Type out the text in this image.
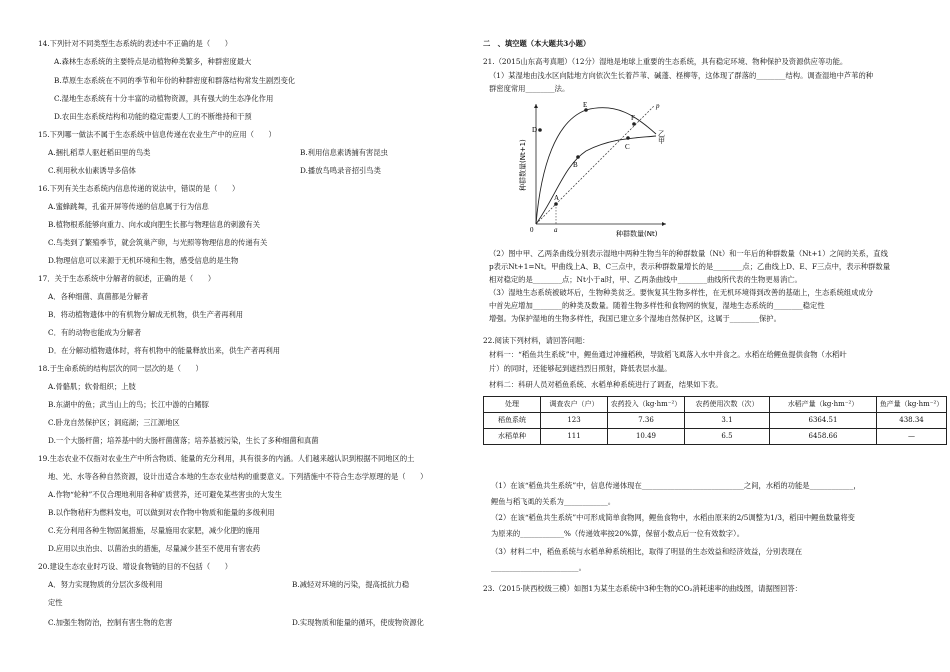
14.下列针对不同类型生态系统的表述中不正确的是（　　）
A.森林生态系统的主要特点是动植物种类繁多，种群密度最大
B.草原生态系统在不同的季节和年份的种群密度和群落结构常发生剧烈变化
C.湿地生态系统有十分丰富的动植物资源，具有强大的生态净化作用
D.农田生态系统结构和功能的稳定需要人工的不断维持和干预
15.下列哪一做法不属于生态系统中信息传递在农业生产中的应用（　　）
A.捆扎稻草人驱赶稻田里的鸟类	B.利用信息素诱捕有害昆虫
C.利用秋水仙素诱导多倍体	D.播放鸟鸣录音招引鸟类
16.下列有关生态系统内信息传递的说法中，错误的是（　　）
A.蜜蜂跳舞，孔雀开屏等传递的信息属于行为信息
B.植物根系能够向重力、向水或向肥生长都与物理信息的刺激有关
C.鸟类到了繁殖季节，就会筑巢产卵，与光照等物理信息的传递有关
D.物理信息可以来源于无机环境和生物，感受信息的是生物
17．关于生态系统中分解者的叙述，正确的是（　　）
A．各种细菌、真菌都是分解者
B．将动植物遗体中的有机物分解成无机物，供生产者再利用
C．有的动物也能成为分解者
D．在分解动植物遗体时，将有机物中的能量释放出来，供生产者再利用
18.于生命系统的结构层次的同一层次的是（　　）
A.骨骼肌；软骨组织；上肢
B.东湖中的鱼；武当山上的鸟；长江中游的白鳍豚
C.卧龙自然保护区；洞庭湖；三江源地区
D.一个大肠杆菌；培养基中的大肠杆菌菌落；培养基被污染，生长了多种细菌和真菌
19.生态农业不仅指对农业生产中所含物质、能量的充分利用，具有很多的内涵。人们越来越认识到根据不同地区的土
地、光、水等各种自然资源，设计出适合本地的生态农业结构的重要意义。下列措施中不符合生态学原理的是（　　）
A.作物“轮种”不仅合理地利用各种矿质营养，还可避免某些害虫的大发生
B.以作物秸秆为燃料发电，可以做到对农作物中物质和能量的多级利用
C.充分利用各种生物固氮措施，尽量施用农家肥，减少化肥的施用
D.应用以虫治虫、以菌治虫的措施，尽量减少甚至不使用有害农药
20.建设生态农业时巧设、增设食物链的目的不包括（　　）
A．努力实现物质的分层次多级利用	B.减轻对环境的污染，提高抵抗力稳
定性
C.加强生物防治，控制有害生物的危害	D.实现物质和能量的循环，使废物资源化
二　、填空题（本大题共3小题）
21.（2015山东高考真题）（12分）湿地是地球上重要的生态系统，具有稳定环境、物种保护及资源供应等功能。
（1）某湿地由浅水区向陆地方向依次生长着芦苇、碱蓬、柽柳等，这体现了群落的________结构。调查湿地中芦苇的种
群密度常用________法。
（2）图中甲、乙两条曲线分别表示湿地中两种生物当年的种群数量（Nt）和一年后的种群数量（Nt+1）之间的关系，直线
p表示Nt+1=Nt。甲曲线上A、B、C三点中，表示种群数量增长的是________点；乙曲线上D、E、F三点中，表示种群数量
相对稳定的是________点；Nt小于a时，甲、乙两条曲线中________曲线所代表的生物更易消亡。
（3）湿地生态系统被破坏后，生物种类贫乏。要恢复其生物多样性，在无机环境得到改善的基础上，生态系统组成成分
中首先应增加________的种类及数量。随着生物多样性和食物网的恢复，湿地生态系统的________稳定性
增强。为保护湿地的生物多样性，我国已建立多个湿地自然保护区，这属于________保护。
22.阅读下列材料，请回答问题：
材料一：“稻鱼共生系统”中，鲤鱼通过冲撞稻秧，导致稻飞虱落入水中并食之。水稻在给鲤鱼提供食物（水稻叶
片）的同时，还能够起到遮挡烈日照射，降低表层水温。
材料二：科研人员对稻鱼系统、水稻单种系统进行了调查，结果如下表。
处理	调查农户（户）	农药投入（kg·hm⁻²）	农药使用次数（次）	水稻产量（kg·hm⁻²）	鱼产量（kg·hm⁻²）
稻鱼系统	123	7.36	3.1	6364.51	438.34
水稻单种	111	10.49	6.5	6458.66	—
（1）在该“稻鱼共生系统”中，信息传递体现在____________________________之间，水稻的功能是____________，
鲤鱼与稻飞虱的关系为____________。
（2）在该“稻鱼共生系统”中可形成简单食物网，鲤鱼食物中，水稻由原来的2/5调整为1/3，稻田中鲤鱼数量将变
为原来的____________%（传递效率按20%算，保留小数点后一位有效数字）。
（3）材料二中，稻鱼系统与水稻单种系统相比，取得了明显的生态效益和经济效益，分别表现在
________________________。
23.（2015·陕西校级三模）如图1为某生态系统中3种生物的CO₂消耗速率的曲线图，请据图回答：
A
B
C
D
E
F
p
乙
甲
0	a	种群数量(Nt)
种群数量(Nt+1)
